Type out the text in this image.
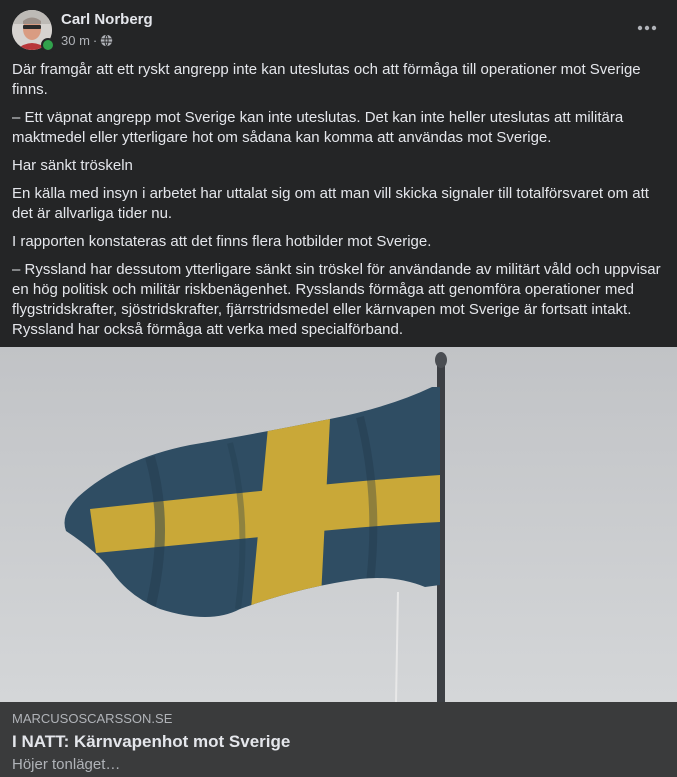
Carl Norberg
30 m ·

Där framgår att ett ryskt angrepp inte kan uteslutas och att förmåga till operationer mot Sverige finns.

– Ett väpnat angrepp mot Sverige kan inte uteslutas. Det kan inte heller uteslutas att militära maktmedel eller ytterligare hot om sådana kan komma att användas mot Sverige.

Har sänkt tröskeln

En källa med insyn i arbetet har uttalat sig om att man vill skicka signaler till totalförsvaret om att det är allvarliga tider nu.

I rapporten konstateras att det finns flera hotbilder mot Sverige.

– Ryssland har dessutom ytterligare sänkt sin tröskel för användande av militärt våld och uppvisar en hög politisk och militär riskbenägenhet. Rysslands förmåga att genomföra operationer med flygstridskrafter, sjöstridskrafter, fjärrstridsmedel eller kärnvapen mot Sverige är fortsatt intakt. Ryssland har också förmåga att verka med specialförband.

MARCUSOSCARSSON.SE
I NATT: Kärnvapenhot mot Sverige
Höjer tonläget…
